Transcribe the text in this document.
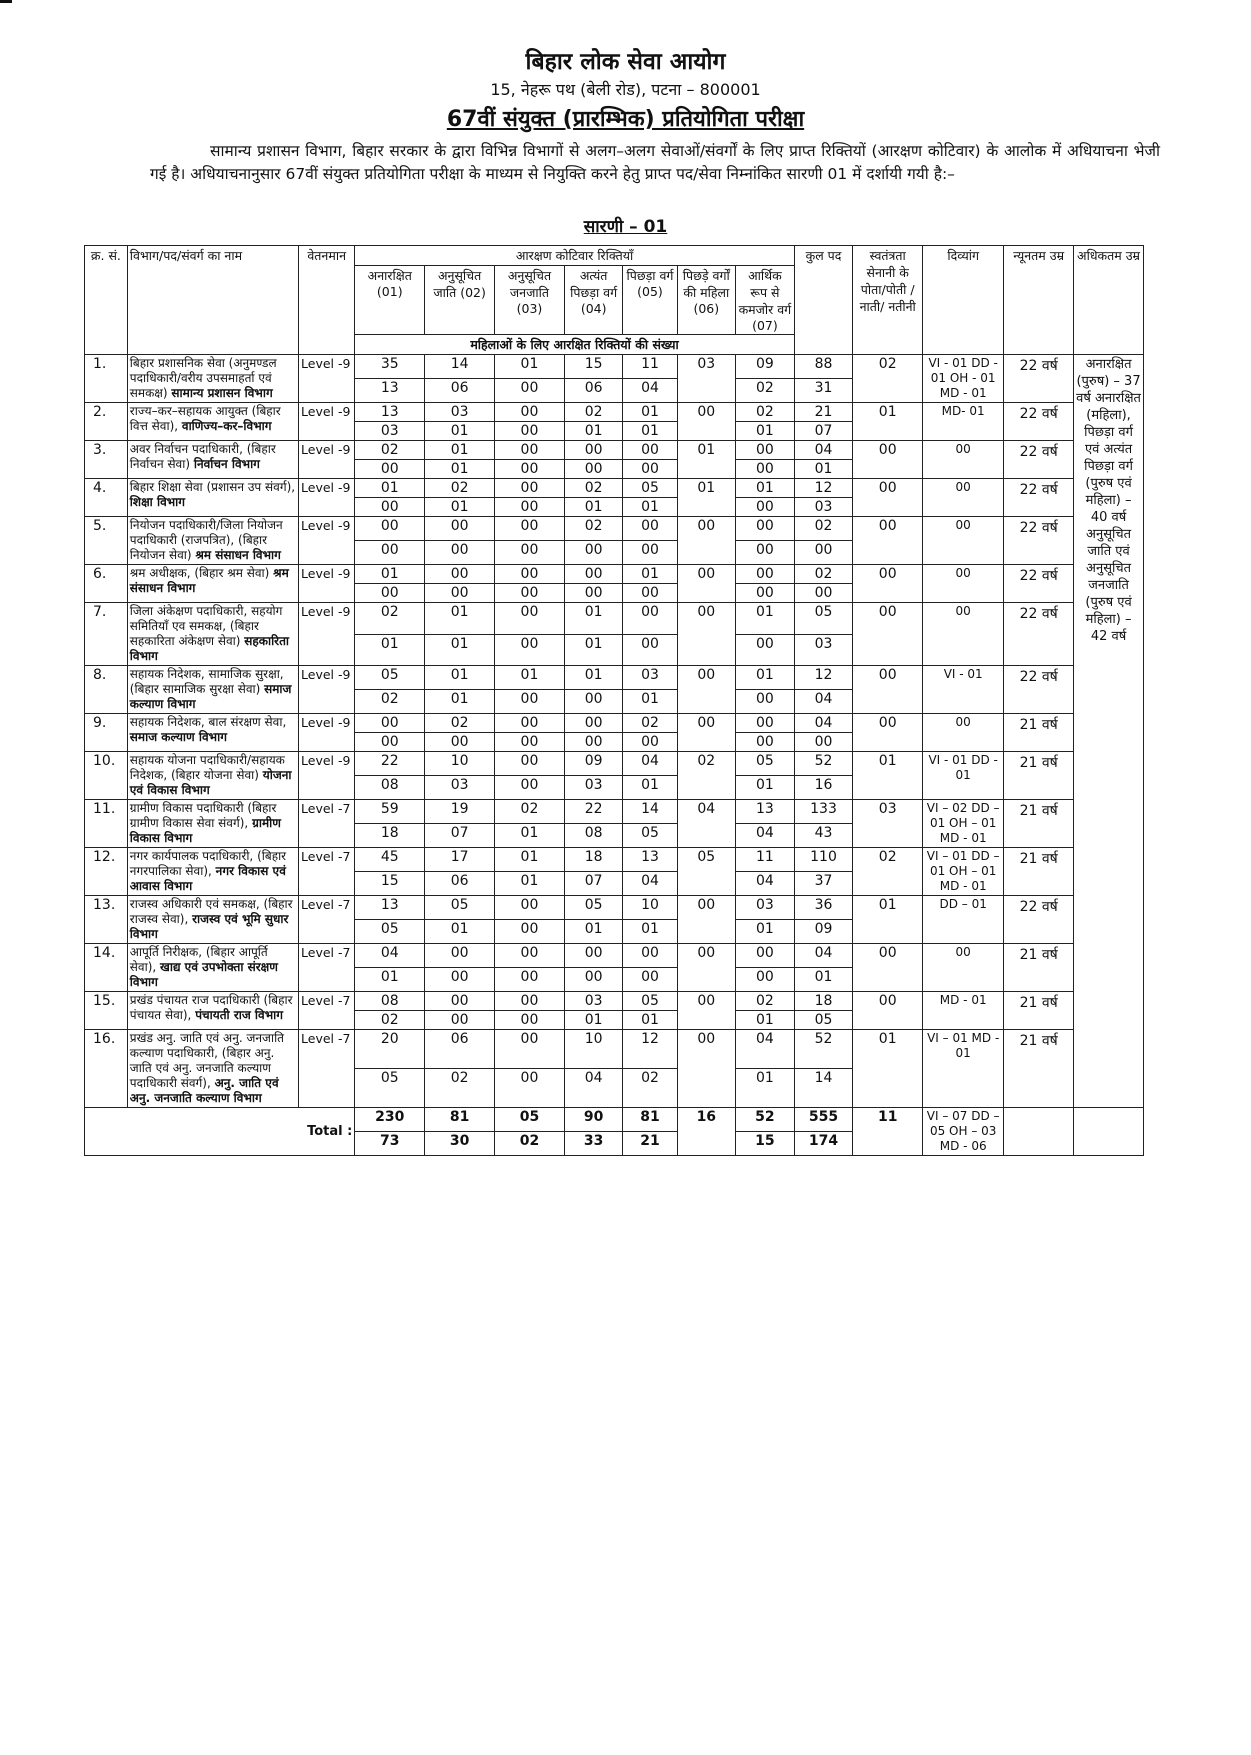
बिहार लोक सेवा आयोग
15, नेहरू पथ (बेली रोड), पटना – 800001
67वीं संयुक्त (प्रारम्भिक) प्रतियोगिता परीक्षा
सामान्य प्रशासन विभाग, बिहार सरकार के द्वारा विभिन्न विभागों से अलग–अलग सेवाओं/संवर्गों के लिए प्राप्त रिक्तियों (आरक्षण कोटिवार) के आलोक में अधियाचना भेजी गई है। अधियाचनानुसार 67वीं संयुक्त प्रतियोगिता परीक्षा के माध्यम से नियुक्ति करने हेतु प्राप्त पद/सेवा निम्नांकित सारणी 01 में दर्शायी गयी है:–
सारणी – 01
क्र. सं.	विभाग/पद/संवर्ग का नाम	वेतनमान	आरक्षण कोटिवार रिक्तियाँ							कुल पद	स्वतंत्रता सेनानी के पोता/पोती /नाती/ नतीनी	दिव्यांग	न्यूनतम उम्र	अधिकतम उम्र
			अनारक्षित (01)	अनुसूचित जाति (02)	अनुसूचित जनजाति (03)	अत्यंत पिछड़ा वर्ग (04)	पिछड़ा वर्ग (05)	पिछड़े वर्गों की महिला (06)	आर्थिक रूप से कमजोर वर्ग (07)					
			महिलाओं के लिए आरक्षित रिक्तियों की संख्या											
1.	बिहार प्रशासनिक सेवा (अनुमण्डल पदाधिकारी/वरीय उपसमाहर्ता एवं समकक्ष) सामान्य प्रशासन विभाग	Level -9	35	14	01	15	11	03	09	88	02	VI - 01 DD - 01 OH - 01 MD - 01	22 वर्ष	अनारक्षित (पुरुष) – 37 वर्ष अनारक्षित (महिला), पिछड़ा वर्ग एवं अत्यंत पिछड़ा वर्ग (पुरुष एवं महिला) – 40 वर्ष अनुसूचित जाति एवं अनुसूचित जनजाति (पुरुष एवं महिला) – 42 वर्ष
			13	06	00	06	04		02	31				
2.	राज्य–कर–सहायक आयुक्त (बिहार वित्त सेवा), वाणिज्य–कर–विभाग	Level -9	13	03	00	02	01	00	02	21	01	MD- 01	22 वर्ष	
			03	01	00	01	01		01	07				
3.	अवर निर्वाचन पदाधिकारी, (बिहार निर्वाचन सेवा) निर्वाचन विभाग	Level -9	02	01	00	00	00	01	00	04	00	00	22 वर्ष	
			00	01	00	00	00		00	01				
4.	बिहार शिक्षा सेवा (प्रशासन उप संवर्ग), शिक्षा विभाग	Level -9	01	02	00	02	05	01	01	12	00	00	22 वर्ष	
			00	01	00	01	01		00	03				
5.	नियोजन पदाधिकारी/जिला नियोजन पदाधिकारी (राजपत्रित), (बिहार नियोजन सेवा) श्रम संसाधन विभाग	Level -9	00	00	00	02	00	00	00	02	00	00	22 वर्ष	
			00	00	00	00	00		00	00				
6.	श्रम अधीक्षक, (बिहार श्रम सेवा) श्रम संसाधन विभाग	Level -9	01	00	00	00	01	00	00	02	00	00	22 वर्ष	
			00	00	00	00	00		00	00				
7.	जिला अंकेक्षण पदाधिकारी, सहयोग समितियाँ एव समकक्ष, (बिहार सहकारिता अंकेक्षण सेवा) सहकारिता विभाग	Level -9	02	01	00	01	00	00	01	05	00	00	22 वर्ष	
			01	01	00	01	00		00	03				
8.	सहायक निदेशक, सामाजिक सुरक्षा, (बिहार सामाजिक सुरक्षा सेवा) समाज कल्याण विभाग	Level -9	05	01	01	01	03	00	01	12	00	VI - 01	22 वर्ष	
			02	01	00	00	01		00	04				
9.	सहायक निदेशक, बाल संरक्षण सेवा, समाज कल्याण विभाग	Level -9	00	02	00	00	02	00	00	04	00	00	21 वर्ष	
			00	00	00	00	00		00	00				
10.	सहायक योजना पदाधिकारी/सहायक निदेशक, (बिहार योजना सेवा) योजना एवं विकास विभाग	Level -9	22	10	00	09	04	02	05	52	01	VI - 01 DD - 01	21 वर्ष	
			08	03	00	03	01		01	16				
11.	ग्रामीण विकास पदाधिकारी (बिहार ग्रामीण विकास सेवा संवर्ग), ग्रामीण विकास विभाग	Level -7	59	19	02	22	14	04	13	133	03	VI – 02 DD – 01 OH – 01 MD - 01	21 वर्ष	
			18	07	01	08	05		04	43				
12.	नगर कार्यपालक पदाधिकारी, (बिहार नगरपालिका सेवा), नगर विकास एवं आवास विभाग	Level -7	45	17	01	18	13	05	11	110	02	VI – 01 DD – 01 OH – 01 MD - 01	21 वर्ष	
			15	06	01	07	04		04	37				
13.	राजस्व अधिकारी एवं समकक्ष, (बिहार राजस्व सेवा), राजस्व एवं भूमि सुधार विभाग	Level -7	13	05	00	05	10	00	03	36	01	DD – 01	22 वर्ष	
			05	01	00	01	01		01	09				
14.	आपूर्ति निरीक्षक, (बिहार आपूर्ति सेवा), खाद्य एवं उपभोक्ता संरक्षण विभाग	Level -7	04	00	00	00	00	00	00	04	00	00	21 वर्ष	
			01	00	00	00	00		00	01				
15.	प्रखंड पंचायत राज पदाधिकारी (बिहार पंचायत सेवा), पंचायती राज विभाग	Level -7	08	00	00	03	05	00	02	18	00	MD - 01	21 वर्ष	
			02	00	00	01	01		01	05				
16.	प्रखंड अनु. जाति एवं अनु. जनजाति कल्याण पदाधिकारी, (बिहार अनु. जाति एवं अनु. जनजाति कल्याण पदाधिकारी संवर्ग), अनु. जाति एवं अनु. जनजाति कल्याण विभाग	Level -7	20	06	00	10	12	00	04	52	01	VI – 01 MD - 01	21 वर्ष	
			05	02	00	04	02		01	14				
Total :			230	81	05	90	81	16	52	555	11	VI – 07 DD – 05 OH – 03 MD - 06		
			73	30	02	33	21		15	174				
